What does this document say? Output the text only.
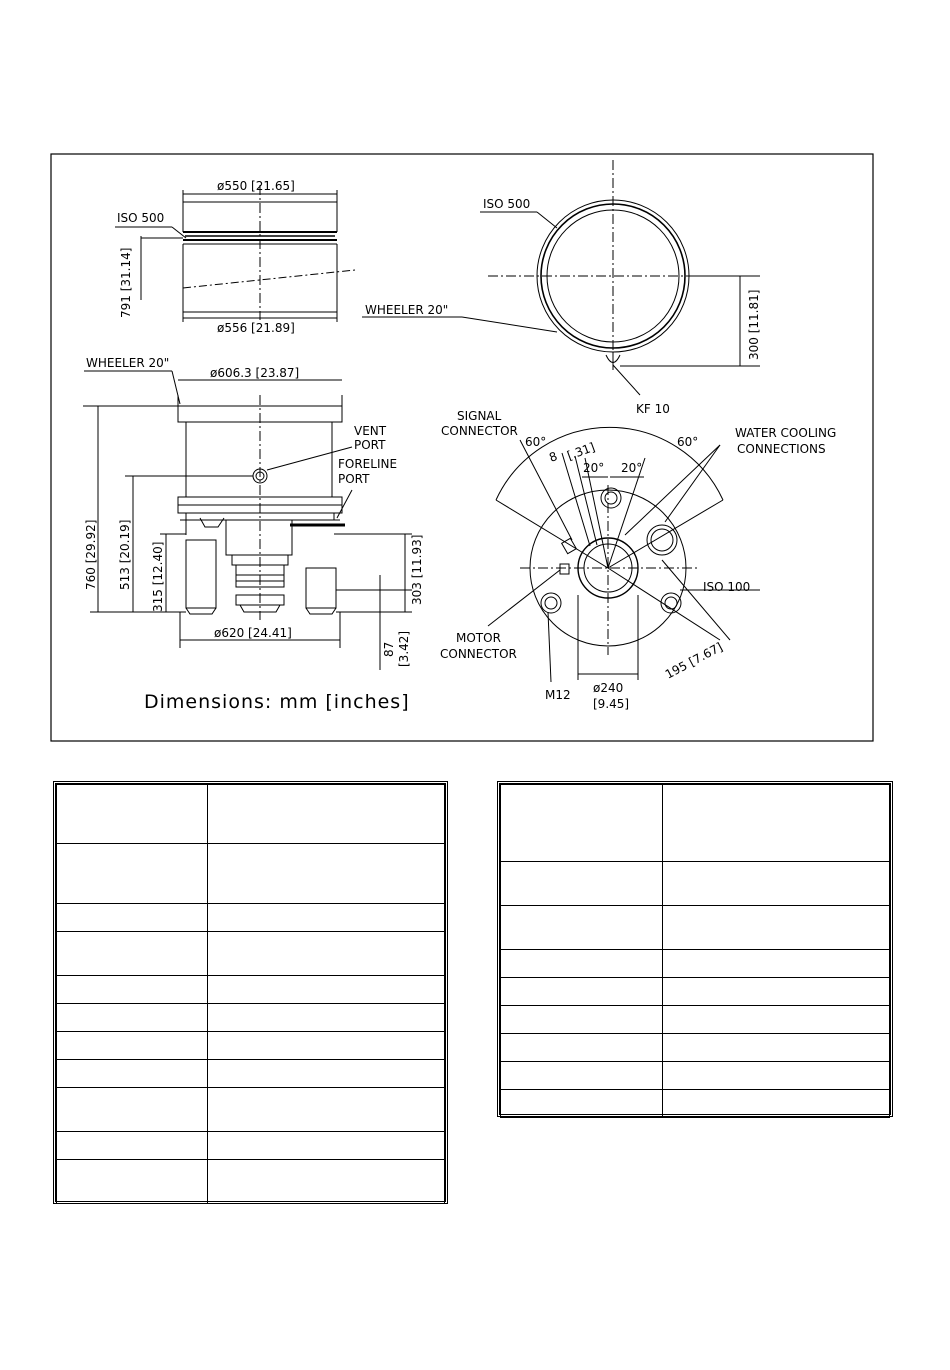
ø550 [21.65]
ISO 500
ø556 [21.89]
791 [31.14]
ISO 500
WHEELER 20"	300 [11.81]
KF 10
WHEELER 20"
ø606.3 [23.87]
VENT
PORT
FORELINE
PORT
760 [29.92] 513 [20.19] 315 [12.40]	303 [11.93]
87 [3.42]
ø620 [24.41]
SIGNAL
CONNECTOR	WATER COOLING
CONNECTIONS
60°	60°
8 [.31]
20° 20°
ISO 100
MOTOR
CONNECTOR
M12 ø240
[9.45]
195 [7.67]
Dimensions: mm [inches]
